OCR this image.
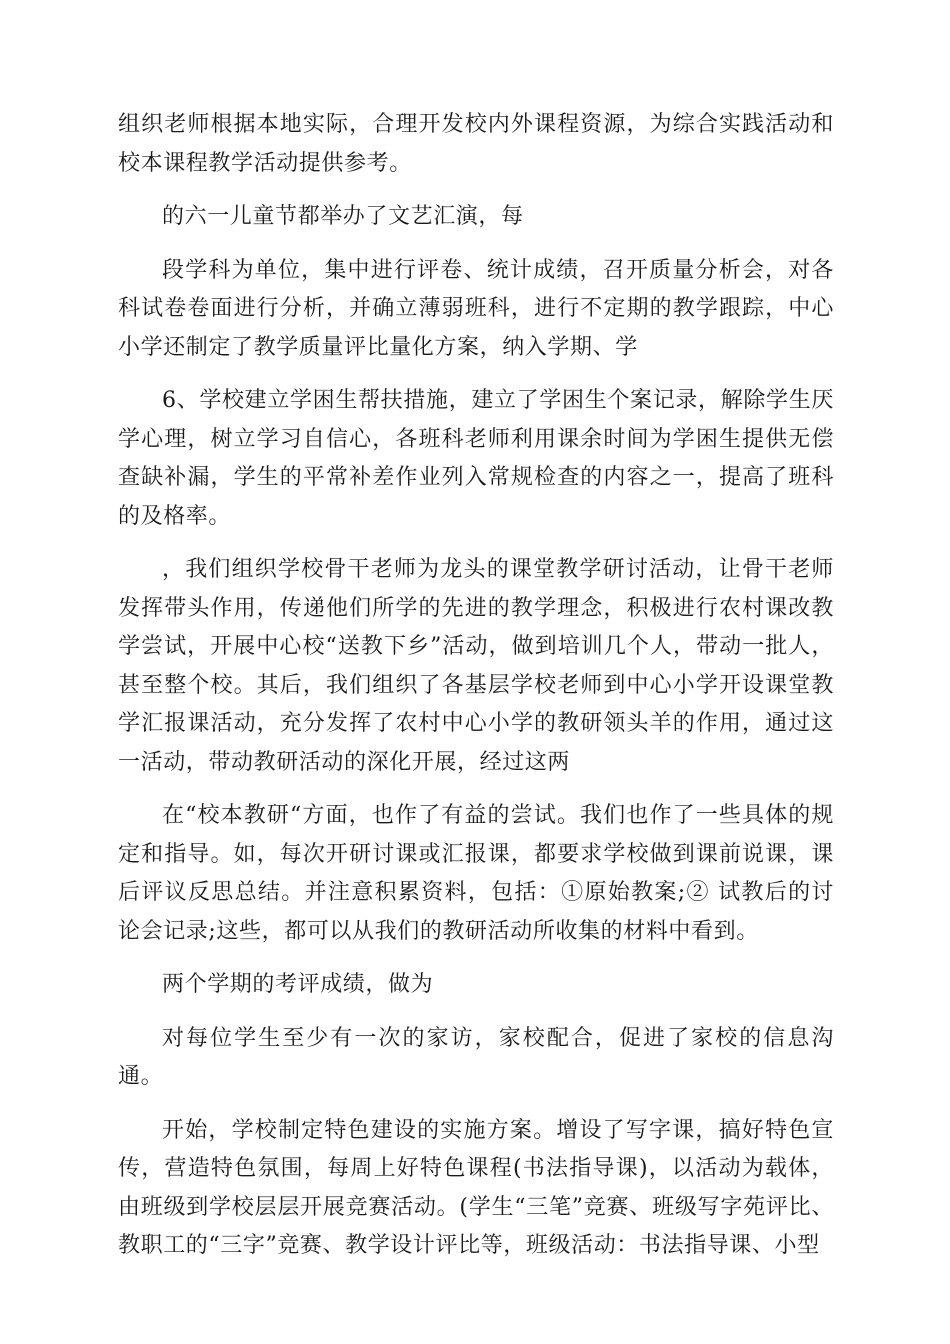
组织老师根据本地实际，合理开发校内外课程资源，为综合实践活动和校本课程教学活动提供参考。

的六一儿童节都举办了文艺汇演，每

段学科为单位，集中进行评卷、统计成绩，召开质量分析会，对各科试卷卷面进行分析，并确立薄弱班科，进行不定期的教学跟踪，中心小学还制定了教学质量评比量化方案，纳入学期、学

6、学校建立学困生帮扶措施，建立了学困生个案记录，解除学生厌学心理，树立学习自信心，各班科老师利用课余时间为学困生提供无偿查缺补漏，学生的平常补差作业列入常规检查的内容之一，提高了班科的及格率。

，我们组织学校骨干老师为龙头的课堂教学研讨活动，让骨干老师发挥带头作用，传递他们所学的先进的教学理念，积极进行农村课改教学尝试，开展中心校“送教下乡”活动，做到培训几个人，带动一批人，甚至整个校。其后，我们组织了各基层学校老师到中心小学开设课堂教学汇报课活动，充分发挥了农村中心小学的教研领头羊的作用，通过这一活动，带动教研活动的深化开展，经过这两

在“校本教研“方面，也作了有益的尝试。我们也作了一些具体的规定和指导。如，每次开研讨课或汇报课，都要求学校做到课前说课，课后评议反思总结。并注意积累资料，包括：①原始教案;② 试教后的讨论会记录;这些，都可以从我们的教研活动所收集的材料中看到。

两个学期的考评成绩，做为

对每位学生至少有一次的家访，家校配合，促进了家校的信息沟通。

开始，学校制定特色建设的实施方案。增设了写字课，搞好特色宣传，营造特色氛围，每周上好特色课程(书法指导课)，以活动为载体，由班级到学校层层开展竞赛活动。(学生“三笔”竞赛、班级写字苑评比、教职工的“三字”竞赛、教学设计评比等，班级活动：书法指导课、小型
